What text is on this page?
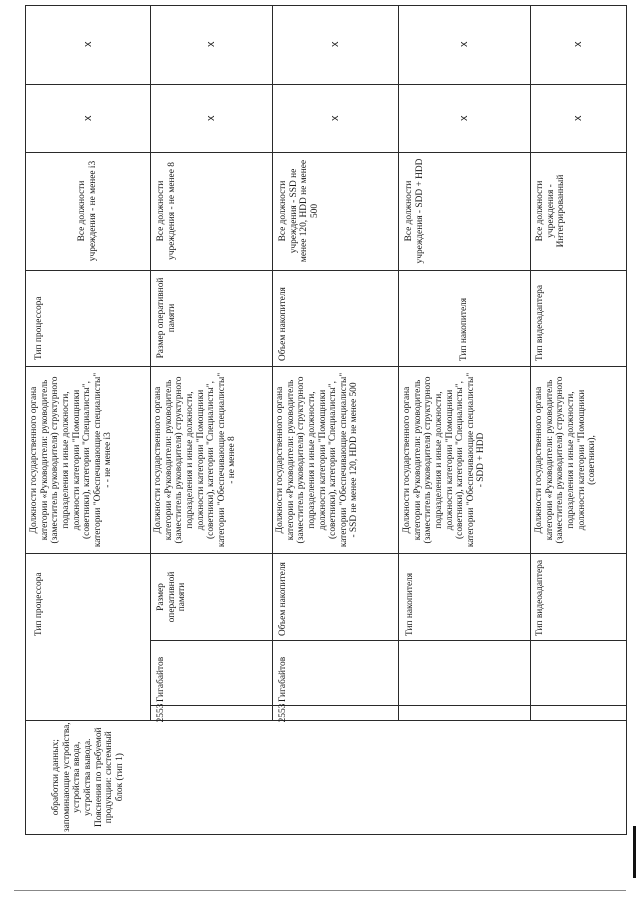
обработки данных; запоминающие устройства, устройства ввода, устройства вывода. Пояснения по требуемой продукции: системный блок (тип 1)
x
x
Все должности учреждения - не менее i3
Тип процессора
Должности государственного органа категории «Руководители: руководитель (заместитель руководителя) структурного подразделения и иные должности, должности категории "Помощники (советники), категории "Специалисты", категории "Обеспечивающие специалисты" - - не менее i3
Тип процессора
x
x
Все должности учреждения - не менее 8
Размер оперативной памяти
Должности государственного органа категории «Руководители: руководитель (заместитель руководителя) структурного подразделения и иные должности, должности категории "Помощники (советники), категории "Специалисты", категории "Обеспечивающие специалисты" - не менее 8
Размер оперативной памяти
Гигабайтов
2553
x
x
Все должности учреждения - SSD не менее 120, HDD не менее 500
Объем накопителя
Должности государственного органа категории «Руководители: руководитель (заместитель руководителя) структурного подразделения и иные должности, должности категории "Помощники (советники), категории "Специалисты", категории "Обеспечивающие специалисты" - SSD не менее 120, HDD не менее 500
Объем накопителя
Гигабайтов
2553
x
x
Все должности учреждения - SDD + HDD
Тип накопителя
Должности государственного органа категории «Руководители: руководитель (заместитель руководителя) структурного подразделения и иные должности, должности категории "Помощники (советники), категории "Специалисты", категории "Обеспечивающие специалисты" - SDD + HDD
Тип накопителя
x
x
Все должности учреждения - Интегрированный
Тип видеоадаптера
Должности государственного органа категории «Руководители: руководитель (заместитель руководителя) структурного подразделения и иные должности, должности категории "Помощники (советники),
Тип видеоадаптера
